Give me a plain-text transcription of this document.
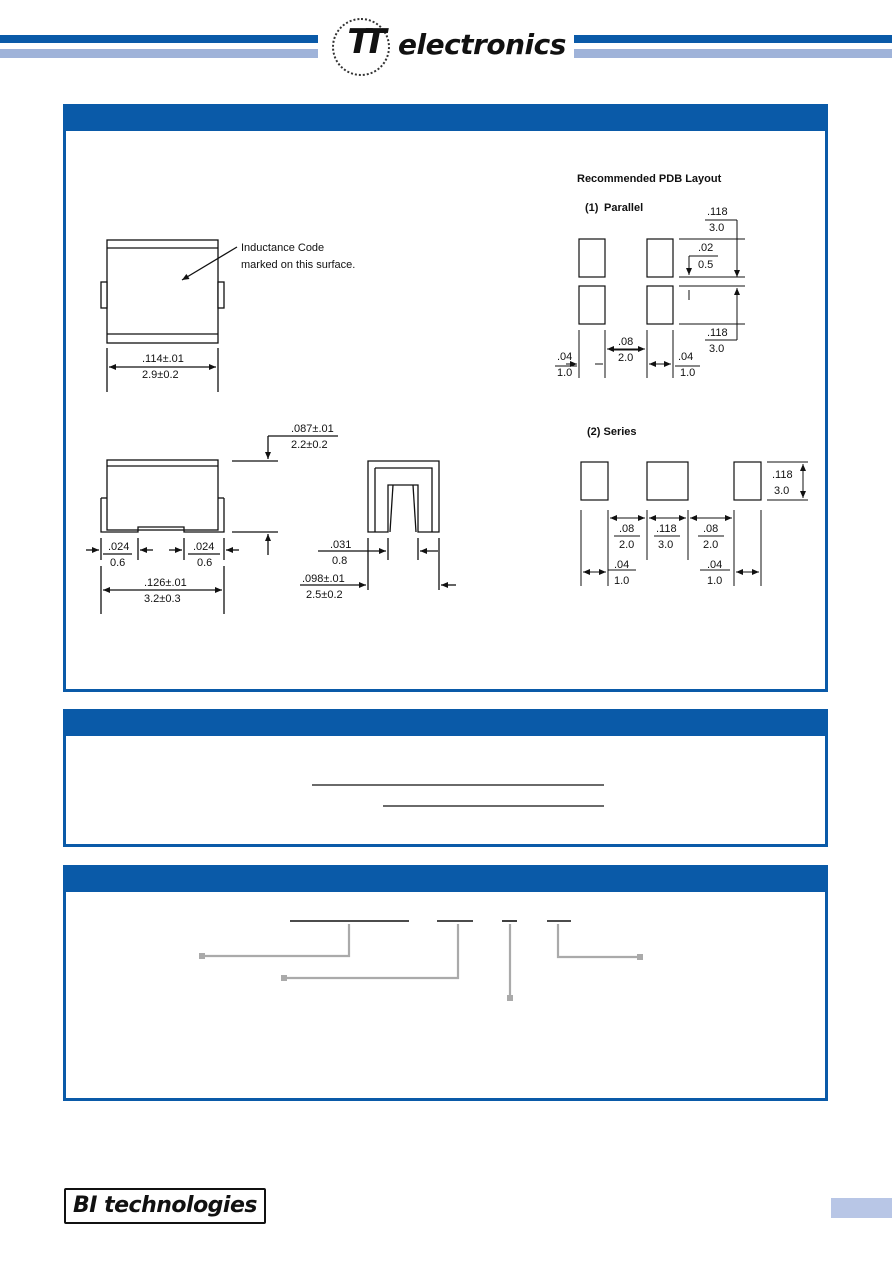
TT electronics
Inductance Code
marked on this surface.
.114±.01
2.9±0.2
.087±.01
2.2±0.2
.024
0.6
.024
0.6
.126±.01
3.2±0.3
.031
0.8
.098±.01
2.5±0.2
Recommended PDB Layout
(1) Parallel	.118
3.0
.02
0.5
.118
3.0
.04
1.0
.08
2.0	.04
1.0
(2) Series
.118
3.0
.08
2.0
.118
3.0
.08
2.0
.04
1.0
.04
1.0
BI technologies
